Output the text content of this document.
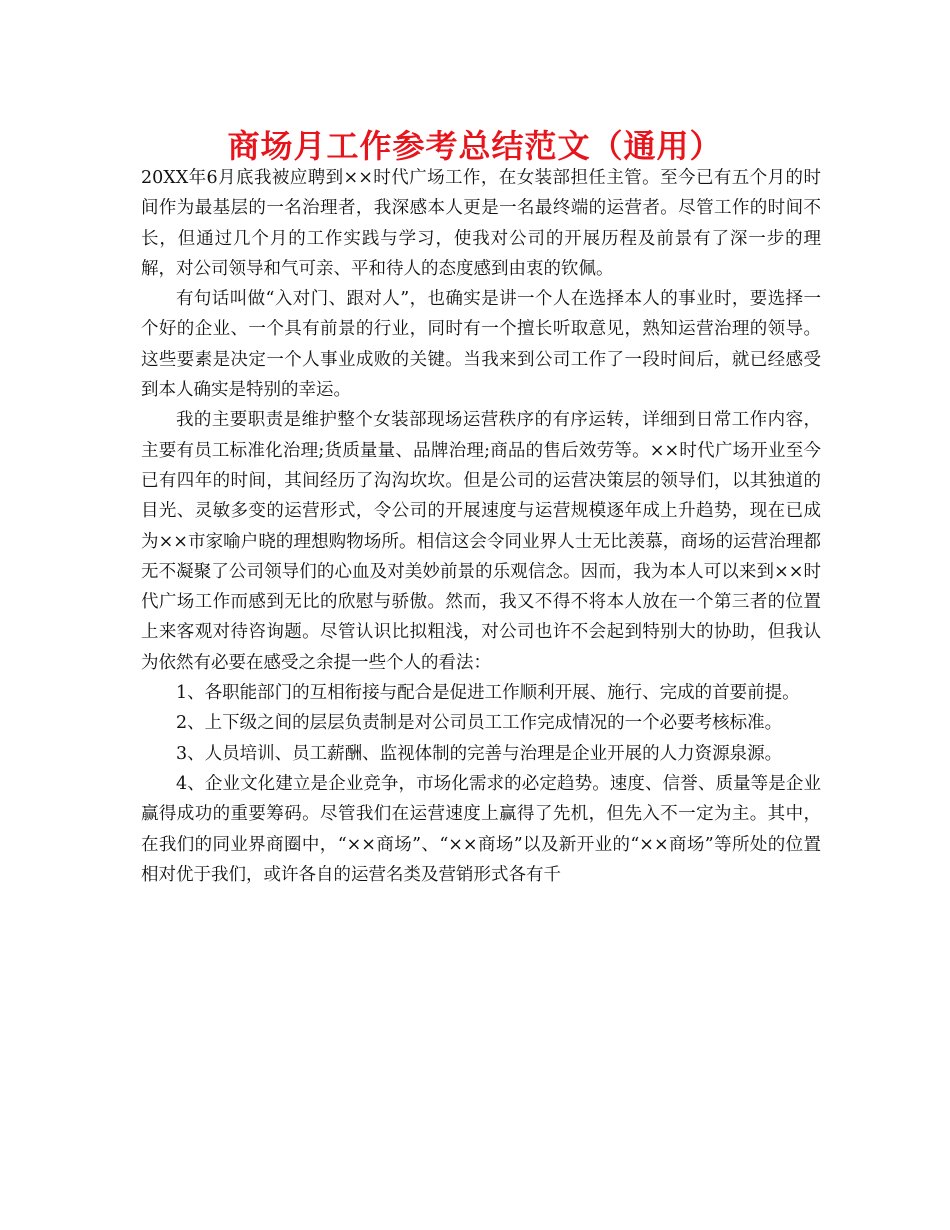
商场月工作参考总结范文（通用）

20XX年6月底我被应聘到××时代广场工作，在女装部担任主管。至今已有五个月的时间作为最基层的一名治理者，我深感本人更是一名最终端的运营者。尽管工作的时间不长，但通过几个月的工作实践与学习，使我对公司的开展历程及前景有了深一步的理解，对公司领导和气可亲、平和待人的态度感到由衷的钦佩。

有句话叫做“入对门、跟对人”，也确实是讲一个人在选择本人的事业时，要选择一个好的企业、一个具有前景的行业，同时有一个擅长听取意见，熟知运营治理的领导。这些要素是决定一个人事业成败的关键。当我来到公司工作了一段时间后，就已经感受到本人确实是特别的幸运。

我的主要职责是维护整个女装部现场运营秩序的有序运转，详细到日常工作内容，主要有员工标准化治理;货质量量、品牌治理;商品的售后效劳等。××时代广场开业至今已有四年的时间，其间经历了沟沟坎坎。但是公司的运营决策层的领导们，以其独道的目光、灵敏多变的运营形式，令公司的开展速度与运营规模逐年成上升趋势，现在已成为××市家喻户晓的理想购物场所。相信这会令同业界人士无比羡慕，商场的运营治理都无不凝聚了公司领导们的心血及对美妙前景的乐观信念。因而，我为本人可以来到××时代广场工作而感到无比的欣慰与骄傲。然而，我又不得不将本人放在一个第三者的位置上来客观对待咨询题。尽管认识比拟粗浅，对公司也许不会起到特别大的协助，但我认为依然有必要在感受之余提一些个人的看法：

1、各职能部门的互相衔接与配合是促进工作顺利开展、施行、完成的首要前提。

2、上下级之间的层层负责制是对公司员工工作完成情况的一个必要考核标准。

3、人员培训、员工薪酬、监视体制的完善与治理是企业开展的人力资源泉源。

4、企业文化建立是企业竞争，市场化需求的必定趋势。速度、信誉、质量等是企业赢得成功的重要筹码。尽管我们在运营速度上赢得了先机，但先入不一定为主。其中，在我们的同业界商圈中，“××商场”、“××商场”以及新开业的“××商场”等所处的位置相对优于我们，或许各自的运营名类及营销形式各有千
